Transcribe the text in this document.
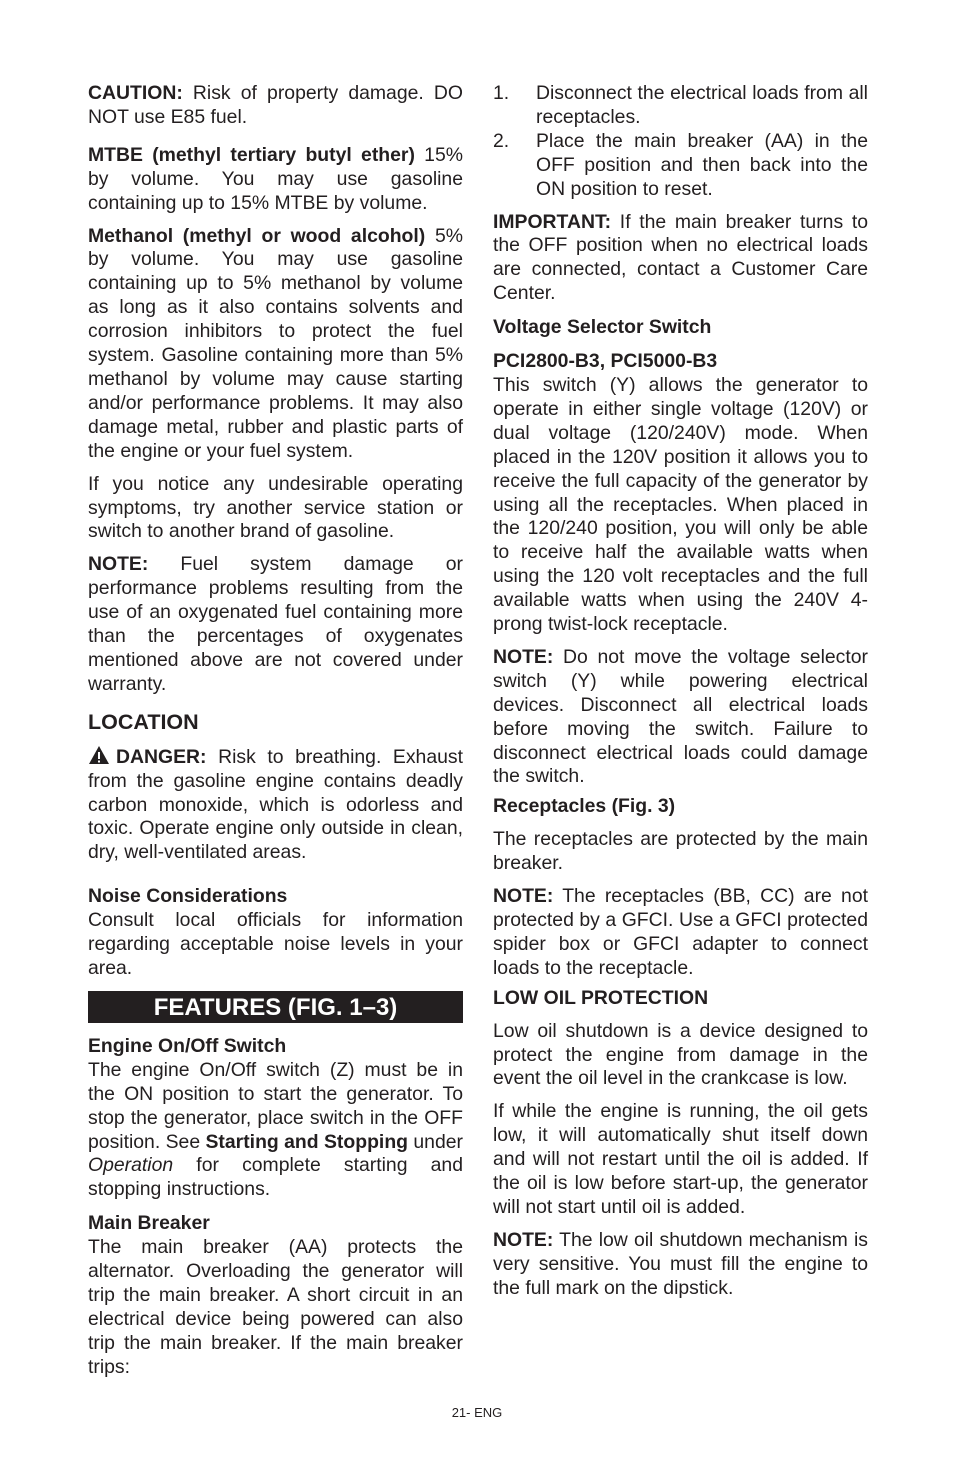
CAUTION: Risk of property damage. DO NOT use E85 fuel.

MTBE (methyl tertiary butyl ether) 15% by volume. You may use gasoline containing up to 15% MTBE by volume.

Methanol (methyl or wood alcohol) 5% by volume. You may use gasoline containing up to 5% methanol by volume as long as it also contains solvents and corrosion inhibitors to protect the fuel system. Gasoline containing more than 5% methanol by volume may cause starting and/or performance problems. It may also damage metal, rubber and plastic parts of the engine or your fuel system.

If you notice any undesirable operating symptoms, try another service station or switch to another brand of gasoline.

NOTE: Fuel system damage or performance problems resulting from the use of an oxygenated fuel containing more than the percentages of oxygenates mentioned above are not covered under warranty.

LOCATION

DANGER: Risk to breathing. Exhaust from the gasoline engine contains deadly carbon monoxide, which is odorless and toxic. Operate engine only outside in clean, dry, well-ventilated areas.

Noise Considerations

Consult local officials for information regarding acceptable noise levels in your area.

FEATURES (FIG. 1–3)

Engine On/Off Switch

The engine On/Off switch (Z) must be in the ON position to start the generator. To stop the generator, place switch in the OFF position. See Starting and Stopping under Operation for complete starting and stopping instructions.

Main Breaker

The main breaker (AA) protects the alternator. Overloading the generator will trip the main breaker. A short circuit in an electrical device being powered can also trip the main breaker. If the main breaker trips:

1. Disconnect the electrical loads from all receptacles.
2. Place the main breaker (AA) in the OFF position and then back into the ON position to reset.

IMPORTANT: If the main breaker turns to the OFF position when no electrical loads are connected, contact a Customer Care Center.

Voltage Selector Switch

PCI2800-B3, PCI5000-B3

This switch (Y) allows the generator to operate in either single voltage (120V) or dual voltage (120/240V) mode. When placed in the 120V position it allows you to receive the full capacity of the generator by using all the receptacles. When placed in the 120/240 position, you will only be able to receive half the available watts when using the 120 volt receptacles and the full available watts when using the 240V 4-prong twist-lock receptacle.

NOTE: Do not move the voltage selector switch (Y) while powering electrical devices. Disconnect all electrical loads before moving the switch. Failure to disconnect electrical loads could damage the switch.

Receptacles (Fig. 3)

The receptacles are protected by the main breaker.

NOTE: The receptacles (BB, CC) are not protected by a GFCI. Use a GFCI protected spider box or GFCI adapter to connect loads to the receptacle.

LOW OIL PROTECTION

Low oil shutdown is a device designed to protect the engine from damage in the event the oil level in the crankcase is low.

If while the engine is running, the oil gets low, it will automatically shut itself down and will not restart until the oil is added. If the oil is low before start-up, the generator will not start until oil is added.

NOTE: The low oil shutdown mechanism is very sensitive. You must fill the engine to the full mark on the dipstick.

21- ENG
